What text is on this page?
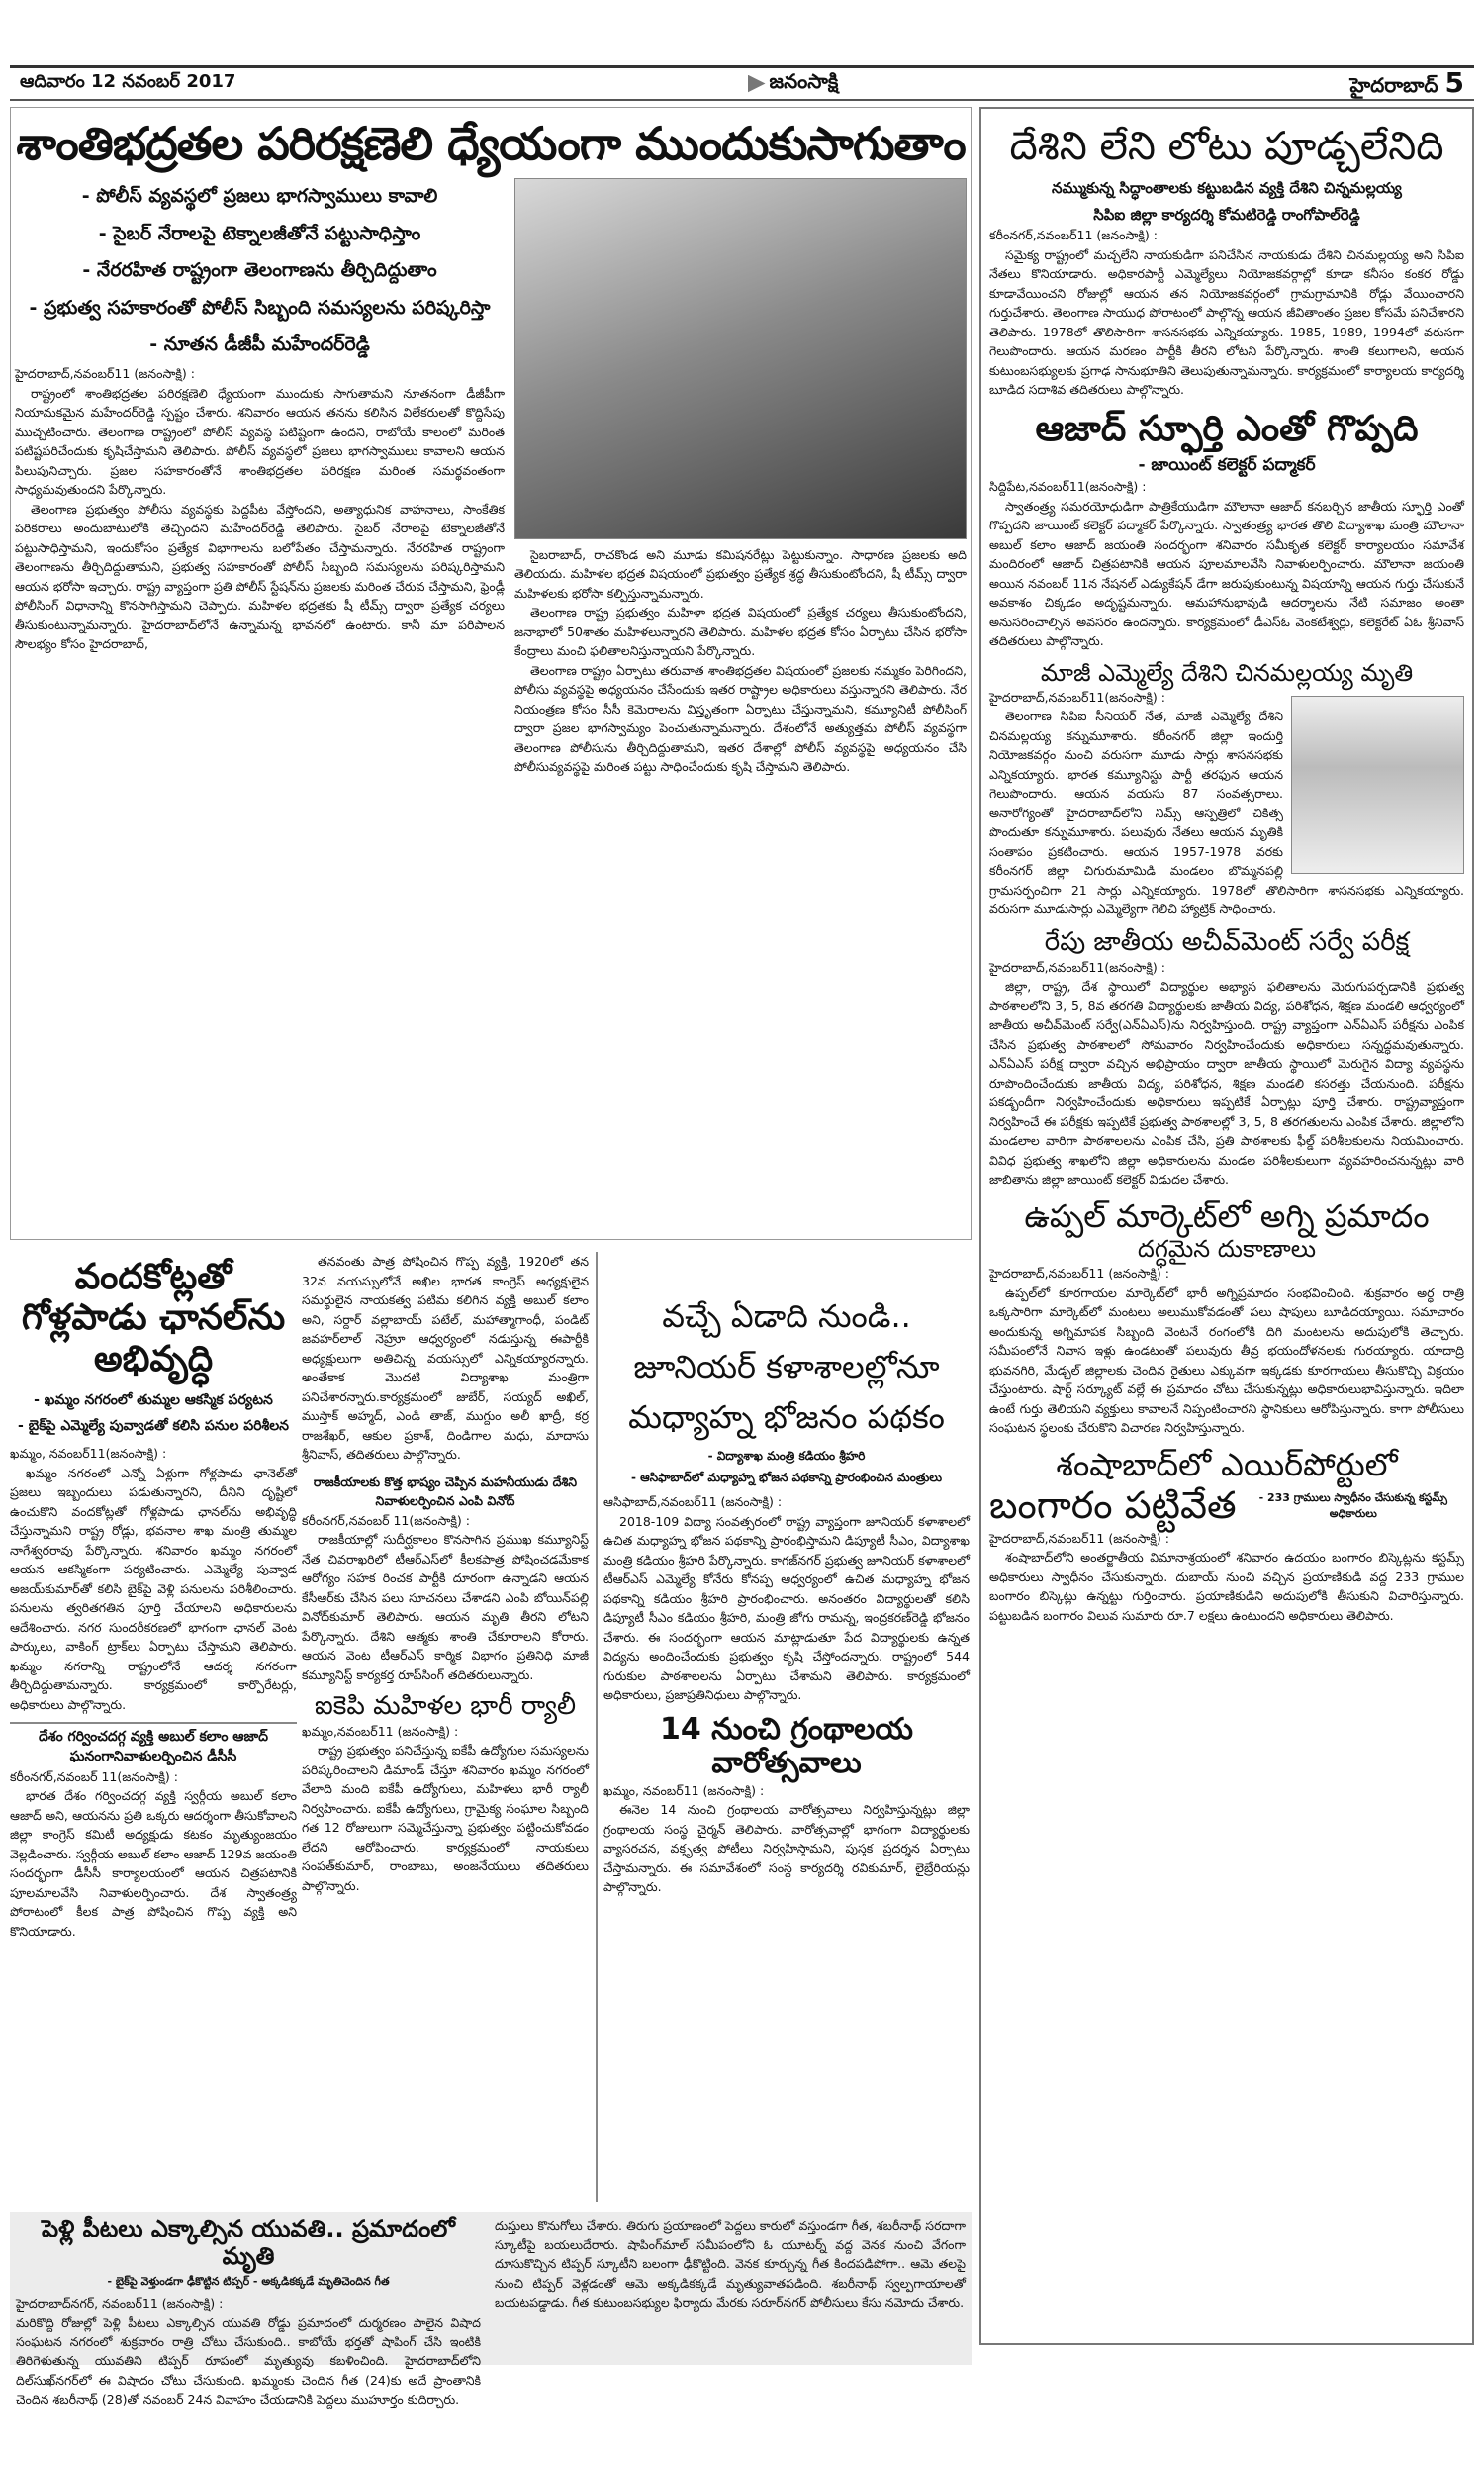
ఆదివారం 12 నవంబర్ 2017	జనంసాక్షి	హైదరాబాద్ 5
శాంతిభద్రతల పరిరక్షణెలి ధ్యేయంగా ముందుకుసాగుతాం
- పోలీస్ వ్యవస్థలో ప్రజలు భాగస్వాములు కావాలి
- సైబర్ నేరాలపై టెక్నాలజీతోనే పట్టుసాధిస్తాం
- నేరరహిత రాష్ట్రంగా తెలంగాణను తీర్చిదిద్దుతాం
- ప్రభుత్వ సహకారంతో పోలీస్ సిబ్బంది సమస్యలను పరిష్కరిస్తా
- నూతన డీజీపీ మహేందర్‌రెడ్డి

హైదరాబాద్,నవంబర్11 (జనంసాక్షి) :

రాష్ట్రంలో శాంతిభద్రతల పరిరక్షణెలి ధ్యేయంగా ముందుకు సాగుతామని నూతనంగా డీజీపీగా నియామకమైన మహేందర్‌రెడ్డి స్పష్టం చేశారు. శనివారం ఆయన తనను కలిసిన విలేకరులతో కొద్దిసేపు ముచ్చటించారు. తెలంగాణ రాష్ట్రంలో పోలీస్ వ్యవస్థ పటిష్టంగా ఉందని, రాబోయే కాలంలో మరింత పటిష్టపరిచేందుకు కృషిచేస్తామని తెలిపారు. పోలీస్ వ్యవస్థలో ప్రజలు భాగస్వాములు కావాలని ఆయన పిలుపునిచ్చారు. ప్రజల సహకారంతోనే శాంతిభద్రతల పరిరక్షణ మరింత సమర్థవంతంగా సాధ్యమవుతుందని పేర్కొన్నారు.

తెలంగాణ ప్రభుత్వం పోలీసు వ్యవస్థకు పెద్దపీట వేస్తోందని, అత్యాధునిక వాహనాలు, సాంకేతిక పరికరాలు అందుబాటులోకి తెచ్చిందని మహేందర్‌రెడ్డి తెలిపారు. సైబర్ నేరాలపై టెక్నాలజీతోనే పట్టుసాధిస్తామని, ఇందుకోసం ప్రత్యేక విభాగాలను బలోపేతం చేస్తామన్నారు. నేరరహిత రాష్ట్రంగా తెలంగాణను తీర్చిదిద్దుతామని, ప్రభుత్వ సహకారంతో పోలీస్ సిబ్బంది సమస్యలను పరిష్కరిస్తామని ఆయన భరోసా ఇచ్చారు. రాష్ట్ర వ్యాప్తంగా ప్రతి పోలీస్ స్టేషన్‌ను ప్రజలకు మరింత చేరువ చేస్తామని, ఫ్రెండ్లీ పోలీసింగ్ విధానాన్ని కొనసాగిస్తామని చెప్పారు. మహిళల భద్రతకు షీ టీమ్స్ ద్వారా ప్రత్యేక చర్యలు తీసుకుంటున్నామన్నారు. హైదరాబాద్‌లోనే ఉన్నామన్న భావనలో ఉంటారు. కానీ మా పరిపాలన సౌలభ్యం కోసం హైదరాబాద్,

సైబరాబాద్, రాచకొండ అని మూడు కమిషనరేట్లు పెట్టుకున్నాం. సాధారణ ప్రజలకు అది తెలియదు. మహిళల భద్రత విషయంలో ప్రభుత్వం ప్రత్యేక శ్రద్ధ తీసుకుంటోందని, షీ టీమ్స్ ద్వారా మహిళలకు భరోసా కల్పిస్తున్నామన్నారు.

తెలంగాణ రాష్ట్ర ప్రభుత్వం మహిళా భద్రత విషయంలో ప్రత్యేక చర్యలు తీసుకుంటోందని, జనాభాలో 50శాతం మహిళలున్నారని తెలిపారు. మహిళల భద్రత కోసం ఏర్పాటు చేసిన భరోసా కేంద్రాలు మంచి ఫలితాలనిస్తున్నాయని పేర్కొన్నారు.

తెలంగాణ రాష్ట్రం ఏర్పాటు తరువాత శాంతిభద్రతల విషయంలో ప్రజలకు నమ్మకం పెరిగిందని, పోలీసు వ్యవస్థపై అధ్యయనం చేసేందుకు ఇతర రాష్ట్రాల అధికారులు వస్తున్నారని తెలిపారు. నేర నియంత్రణ కోసం సీసీ కెమెరాలను విస్తృతంగా ఏర్పాటు చేస్తున్నామని, కమ్యూనిటీ పోలీసింగ్ ద్వారా ప్రజల భాగస్వామ్యం పెంచుతున్నామన్నారు. దేశంలోనే అత్యుత్తమ పోలీస్ వ్యవస్థగా తెలంగాణ పోలీసును తీర్చిదిద్దుతామని, ఇతర దేశాల్లో పోలీస్ వ్యవస్థపై అధ్యయనం చేసి పోలీసువ్యవస్థపై మరింత పట్టు సాధించేందుకు కృషి చేస్తామని తెలిపారు.

వందకోట్లతో గోళ్లపాడు ఛానల్‌ను అభివృద్ధి
- ఖమ్మం నగరంలో తుమ్మల ఆకస్మిక పర్యటన
- బైక్‌పై ఎమ్మెల్యే పువ్వాడతో కలిసి పనుల పరిశీలన

ఖమ్మం, నవంబర్11(జనంసాక్షి) :

ఖమ్మం నగరంలో ఎన్నో ఏళ్లుగా గోళ్లపాడు ఛానెల్‌తో ప్రజలు ఇబ్బందులు పడుతున్నారని, దీనిని దృష్టిలో ఉంచుకొని వందకోట్లతో గోళ్లపాడు ఛానల్‌ను అభివృద్ధి చేస్తున్నామని రాష్ట్ర రోడ్లు, భవనాల శాఖ మంత్రి తుమ్మల నాగేశ్వరరావు పేర్కొన్నారు. శనివారం ఖమ్మం నగరంలో ఆయన ఆకస్మికంగా పర్యటించారు. ఎమ్మెల్యే పువ్వాడ అజయ్‌కుమార్‌తో కలిసి బైక్‌పై వెళ్లి పనులను పరిశీలించారు. పనులను త్వరితగతిన పూర్తి చేయాలని అధికారులను ఆదేశించారు. నగర సుందరీకరణలో భాగంగా ఛానల్ వెంట పార్కులు, వాకింగ్ ట్రాక్‌లు ఏర్పాటు చేస్తామని తెలిపారు. ఖమ్మం నగరాన్ని రాష్ట్రంలోనే ఆదర్శ నగరంగా తీర్చిదిద్దుతామన్నారు. కార్యక్రమంలో కార్పొరేటర్లు, అధికారులు పాల్గొన్నారు.

దేశం గర్వించదగ్గ వ్యక్తి అబుల్ కలాం ఆజాద్ ఘనంగానివాళులర్పించిన డీసీసీ

కరీంనగర్,నవంబర్ 11(జనంసాక్షి) :

భారత దేశం గర్వించదగ్గ వ్యక్తి స్వర్గీయ అబుల్ కలాం ఆజాద్ అని, ఆయనను ప్రతి ఒక్కరు ఆదర్శంగా తీసుకోవాలని జిల్లా కాంగ్రెస్ కమిటీ అధ్యక్షుడు కటకం మృత్యుంజయం వెల్లడించారు. స్వర్గీయ అబుల్ కలాం ఆజాద్ 129వ జయంతి సందర్భంగా డీసీసీ కార్యాలయంలో ఆయన చిత్రపటానికి పూలమాలవేసి నివాళులర్పించారు. దేశ స్వాతంత్ర్య పోరాటంలో కీలక పాత్ర పోషించిన గొప్ప వ్యక్తి అని కొనియాడారు.

తనవంతు పాత్ర పోషించిన గొప్ప వ్యక్తి, 1920లో తన 32వ వయస్సులోనే అఖిల భారత కాంగ్రెస్ అధ్యక్షులైన సమర్థులైన నాయకత్వ పటిమ కలిగిన వ్యక్తి అబుల్ కలాం అని, సర్దార్ వల్లాబాయ్ పటేల్, మహాత్మాగాంధీ, పండిట్ జవహర్‌లాల్ నెహ్రూ ఆధ్వర్యంలో నడుస్తున్న ఈపార్టీకి అధ్యక్షులుగా అతిచిన్న వయస్సులో ఎన్నికయ్యారన్నారు. అంతేకాక మొదటి విద్యాశాఖ మంత్రిగా పనిచేశారన్నారు.కార్యక్రమంలో జుబేర్, సయ్యద్ అఖిల్, ముస్తాక్ అహ్మద్, ఎండి తాజ్, ముగ్దుం అలీ ఖాద్రీ, కర్ర రాజశేఖర్, ఆకుల ప్రకాశ్, దిండిగాల మధు, మాదాసు శ్రీనివాస్, తదితరులు పాల్గొన్నారు.

రాజకీయాలకు కొత్త భాష్యం చెప్పిన మహనీయుడు దేశిని

నివాళులర్పించిన ఎంపి వినోద్

కరీంనగర్,నవంబర్ 11(జనంసాక్షి) :

రాజకీయాల్లో సుదీర్ఘకాలం కొనసాగిన ప్రముఖ కమ్యూనిస్ట్ నేత చివరాఖరిలో టీఆర్‌ఎస్‌లో కీలకపాత్ర పోషించడమేకాక ఆరోగ్యం సహక రించక పార్టీకి దూరంగా ఉన్నాడని ఆయన కేసీఆర్‌కు చేసిన పలు సూచనలు చేశాడని ఎంపి బోయిన్‌పల్లి వినోద్‌కుమార్ తెలిపారు. ఆయన మృతి తీరని లోటని పేర్కొన్నారు. దేశిని ఆత్మకు శాంతి చేకూరాలని కోరారు. ఆయన వెంట టీఆర్‌ఎస్ కార్మిక విభాగం ప్రతినిధి మాజీ కమ్యూనిస్ట్ కార్యకర్త రూప్‌సింగ్ తదితరులున్నారు.

ఐకెపి మహిళల భారీ ర్యాలీ

ఖమ్మం,నవంబర్11 (జనంసాక్షి) :

రాష్ట్ర ప్రభుత్వం పనిచేస్తున్న ఐకేపీ ఉద్యోగుల సమస్యలను పరిష్కరించాలని డిమాండ్ చేస్తూ శనివారం ఖమ్మం నగరంలో వేలాది మంది ఐకేపీ ఉద్యోగులు, మహిళలు భారీ ర్యాలీ నిర్వహించారు. ఐకేపీ ఉద్యోగులు, గ్రామైక్య సంఘాల సిబ్బంది గత 12 రోజులుగా సమ్మెచేస్తున్నా ప్రభుత్వం పట్టించుకోవడం లేదని ఆరోపించారు. కార్యక్రమంలో నాయకులు సంపత్‌కుమార్, రాంబాబు, అంజనేయులు తదితరులు పాల్గొన్నారు.

వచ్చే ఏడాది నుండి.. జూనియర్ కళాశాలల్లోనూ మధ్యాహ్న భోజనం పథకం
- విద్యాశాఖ మంత్రి కడియం శ్రీహరి
- ఆసిఫాబాద్‌లో మధ్యాహ్న భోజన పథకాన్ని ప్రారంభించిన మంత్రులు

ఆసిఫాబాద్,నవంబర్11 (జనంసాక్షి) :

2018-109 విద్యా సంవత్సరంలో రాష్ట్ర వ్యాప్తంగా జూనియర్ కళాశాలలో ఉచిత మధ్యాహ్న భోజన పథకాన్ని ప్రారంభిస్తామని డిప్యూటీ సీఎం, విద్యాశాఖ మంత్రి కడియం శ్రీహరి పేర్కొన్నారు. కాగజ్‌నగర్ ప్రభుత్వ జూనియర్ కళాశాలలో టీఆర్‌ఎస్ ఎమ్మెల్యే కోనేరు కోనప్ప ఆధ్వర్యంలో ఉచిత మధ్యాహ్న భోజన పథకాన్ని కడియం శ్రీహరి ప్రారంభించారు. అనంతరం విద్యార్థులతో కలిసి డిప్యూటీ సీఎం కడియం శ్రీహరి, మంత్రి జోగు రామన్న, ఇంద్రకరణ్‌రెడ్డి భోజనం చేశారు. ఈ సందర్భంగా ఆయన మాట్లాడుతూ పేద విద్యార్థులకు ఉన్నత విద్యను అందించేందుకు ప్రభుత్వం కృషి చేస్తోందన్నారు. రాష్ట్రంలో 544 గురుకుల పాఠశాలలను ఏర్పాటు చేశామని తెలిపారు. కార్యక్రమంలో అధికారులు, ప్రజాప్రతినిధులు పాల్గొన్నారు.

14 నుంచి గ్రంథాలయ వారోత్సవాలు

ఖమ్మం, నవంబర్11 (జనంసాక్షి) :

ఈనెల 14 నుంచి గ్రంథాలయ వారోత్సవాలు నిర్వహిస్తున్నట్లు జిల్లా గ్రంథాలయ సంస్థ చైర్మన్ తెలిపారు. వారోత్సవాల్లో భాగంగా విద్యార్థులకు వ్యాసరచన, వక్తృత్వ పోటీలు నిర్వహిస్తామని, పుస్తక ప్రదర్శన ఏర్పాటు చేస్తామన్నారు. ఈ సమావేశంలో సంస్థ కార్యదర్శి రవికుమార్, లైబ్రేరియన్లు పాల్గొన్నారు.

పెళ్లి పీటలు ఎక్కాల్సిన యువతి.. ప్రమాదంలో మృతి
- బైక్‌పై వెళ్తుండగా ఢీకొట్టిన టిప్పర్ - అక్కడికక్కడే మృతిచెందిన గీత

హైదరాబాద్‌నగర్, నవంబర్11 (జనంసాక్షి) :

మరికొద్ది రోజుల్లో పెళ్లి పీటలు ఎక్కాల్సిన యువతి రోడ్డు ప్రమాదంలో దుర్మరణం పాలైన విషాద సంఘటన నగరంలో శుక్రవారం రాత్రి చోటు చేసుకుంది.. కాబోయే భర్తతో షాపింగ్ చేసి ఇంటికి తిరిగెళుతున్న యువతిని టిప్పర్ రూపంలో మృత్యువు కబళించింది. హైదరాబాద్‌లోని దిల్‌సుఖ్‌నగర్‌లో ఈ విషాదం చోటు చేసుకుంది. ఖమ్మంకు చెందిన గీత (24)కు అదే ప్రాంతానికి చెందిన శబరీనాథ్ (28)తో నవంబర్ 24న వివాహం చేయడానికి పెద్దలు ముహూర్తం కుదిర్చారు.

దుస్తులు కొనుగోలు చేశారు. తిరుగు ప్రయాణంలో పెద్దలు కారులో వస్తుండగా గీత, శబరీనాథ్ సరదాగా స్కూటీపై బయలుదేరారు. షాపింగ్‌మాల్ సమీపంలోని ఓ యూటర్న్ వద్ద వెనక నుంచి వేగంగా దూసుకొచ్చిన టిప్పర్ స్కూటీని బలంగా ఢీకొట్టింది. వెనక కూర్చున్న గీత కిందపడిపోగా.. ఆమె తలపై నుంచి టిప్పర్ వెళ్లడంతో ఆమె అక్కడికక్కడే మృత్యువాతపడింది. శబరీనాథ్ స్వల్పగాయాలతో బయటపడ్డాడు. గీత కుటుంబసభ్యుల ఫిర్యాదు మేరకు సరూర్‌నగర్ పోలీసులు కేసు నమోదు చేశారు.

దేశిని లేని లోటు పూడ్చలేనిది
నమ్ముకున్న సిద్ధాంతాలకు కట్టుబడిన వ్యక్తి దేశిని చిన్నమల్లయ్య
సిపిఐ జిల్లా కార్యదర్శి కోమటిరెడ్డి రాంగోపాల్‌రెడ్డి

కరీంనగర్,నవంబర్11 (జనంసాక్షి) :

సమైక్య రాష్ట్రంలో మచ్చలేని నాయకుడిగా పనిచేసిన నాయకుడు దేశిని చినమల్లయ్య అని సిపిఐ నేతలు కొనియాడారు. అధికారపార్టీ ఎమ్మెల్యేలు నియోజకవర్గాల్లో కూడా కనీసం కంకర రోడ్డు కూడావేయించని రోజుల్లో ఆయన తన నియోజకవర్గంలో గ్రామగ్రామానికి రోడ్లు వేయించారని గుర్తుచేశారు. తెలంగాణ సాయుధ పోరాటంలో పాల్గొన్న ఆయన జీవితాంతం ప్రజల కోసమే పనిచేశారని తెలిపారు. 1978లో తొలిసారిగా శాసనసభకు ఎన్నికయ్యారు. 1985, 1989, 1994లో వరుసగా గెలుపొందారు. ఆయన మరణం పార్టీకి తీరని లోటని పేర్కొన్నారు. శాంతి కలుగాలని, అయన కుటుంబసభ్యులకు ప్రగాఢ సానుభూతిని తెలుపుతున్నామన్నారు. కార్యక్రమంలో కార్యాలయ కార్యదర్శి బూడిద సదాశివ తదితరులు పాల్గొన్నారు.

ఆజాద్ స్ఫూర్తి ఎంతో గొప్పది
- జాయింట్ కలెక్టర్ పద్మాకర్

సిద్దిపేట,నవంబర్11(జనంసాక్షి) :

స్వాతంత్ర్య సమరయోధుడిగా పాత్రికేయుడిగా మౌలానా ఆజాద్ కనబర్చిన జాతీయ స్ఫూర్తి ఎంతో గొప్పదని జాయింట్ కలెక్టర్ పద్మాకర్ పేర్కొన్నారు. స్వాతంత్ర్య భారత తొలి విద్యాశాఖ మంత్రి మౌలానా అబుల్ కలాం ఆజాద్ జయంతి సందర్భంగా శనివారం సమీకృత కలెక్టర్ కార్యాలయం సమావేశ మందిరంలో ఆజాద్ చిత్రపటానికి ఆయన పూలమాలవేసి నివాళులర్పించారు. మౌలానా జయంతి అయిన నవంబర్ 11న నేషనల్ ఎడ్యుకేషన్ డేగా జరుపుకుంటున్న విషయాన్ని ఆయన గుర్తు చేసుకునే అవకాశం చిక్కడం అదృష్టమన్నారు. ఆమహానుభావుడి ఆదర్శాలను నేటి సమాజం అంతా అనుసరించాల్సిన అవసరం ఉందన్నారు. కార్యక్రమంలో డీఎస్ఓ వెంకటేశ్వర్లు, కలెక్టరేట్ ఏఓ శ్రీనివాస్ తదితరులు పాల్గొన్నారు.

మాజీ ఎమ్మెల్యే దేశిని చినమల్లయ్య మృతి

హైదరాబాద్,నవంబర్11(జనంసాక్షి) :

తెలంగాణ సిపిఐ సీనియర్ నేత, మాజీ ఎమ్మెల్యే దేశిని చినమల్లయ్య కన్నుమూశారు. కరీంనగర్ జిల్లా ఇందుర్తి నియోజకవర్గం నుంచి వరుసగా మూడు సార్లు శాసనసభకు ఎన్నికయ్యారు. భారత కమ్యూనిస్టు పార్టీ తరఫున ఆయన గెలుపొందారు. ఆయన వయసు 87 సంవత్సరాలు. అనారోగ్యంతో హైదరాబాద్‌లోని నిమ్స్ ఆస్పత్రిలో చికిత్స పొందుతూ కన్నుమూశారు. పలువురు నేతలు ఆయన మృతికి సంతాపం ప్రకటించారు. ఆయన 1957-1978 వరకు కరీంనగర్ జిల్లా చిగురుమామిడి మండలం బొమ్మనపల్లి గ్రామసర్పంచిగా 21 సార్లు ఎన్నికయ్యారు. 1978లో తొలిసారిగా శాసనసభకు ఎన్నికయ్యారు. వరుసగా మూడుసార్లు ఎమ్మెల్యేగా గెలిచి హ్యాట్రిక్ సాధించారు.

రేపు జాతీయ అచీవ్‌మెంట్ సర్వే పరీక్ష

హైదరాబాద్,నవంబర్11(జనంసాక్షి) :

జిల్లా, రాష్ట్ర, దేశ స్థాయిలో విద్యార్థుల అభ్యాస ఫలితాలను మెరుగుపర్చడానికి ప్రభుత్వ పాఠశాలలోని 3, 5, 8వ తరగతి విద్యార్థులకు జాతీయ విద్య, పరిశోధన, శిక్షణ మండలి ఆధ్వర్యంలో జాతీయ అచీవ్‌మెంట్ సర్వే(ఎన్‌ఏఎస్)ను నిర్వహిస్తుంది. రాష్ట్ర వ్యాప్తంగా ఎన్‌ఏఎస్ పరీక్షను ఎంపిక చేసిన ప్రభుత్వ పాఠశాలలో సోమవారం నిర్వహించేందుకు అధికారులు సన్నద్ధమవుతున్నారు. ఎన్‌ఏఎస్ పరీక్ష ద్వారా వచ్చిన అభిప్రాయం ద్వారా జాతీయ స్థాయిలో మెరుగైన విద్యా వ్యవస్థను రూపొందించేందుకు జాతీయ విద్య, పరిశోధన, శిక్షణ మండలి కసరత్తు చేయనుంది. పరీక్షను పకడ్బందీగా నిర్వహించేందుకు అధికారులు ఇప్పటికే ఏర్పాట్లు పూర్తి చేశారు. రాష్ట్రవ్యాప్తంగా నిర్వహించే ఈ పరీక్షకు ఇప్పటికే ప్రభుత్వ పాఠశాలల్లో 3, 5, 8 తరగతులను ఎంపిక చేశారు. జిల్లాలోని మండలాల వారిగా పాఠశాలలను ఎంపిక చేసి, ప్రతి పాఠశాలకు ఫీల్డ్ పరిశీలకులను నియమించారు. వివిధ ప్రభుత్వ శాఖలోని జిల్లా అధికారులను మండల పరిశీలకులుగా వ్యవహరించనున్నట్లు వారి జాబితాను జిల్లా జాయింట్ కలెక్టర్ విడుదల చేశారు.

ఉప్పల్ మార్కెట్‌లో అగ్ని ప్రమాదం
దగ్ధమైన దుకాణాలు

హైదరాబాద్,నవంబర్11 (జనంసాక్షి) :

ఉప్పల్‌లో కూరగాయల మార్కెట్‌లో భారీ అగ్నిప్రమాదం సంభవించింది. శుక్రవారం అర్ధ రాత్రి ఒక్కసారిగా మార్కెట్‌లో మంటలు అలుముకోవడంతో పలు షాపులు బూడిదయ్యాయి. సమాచారం అందుకున్న అగ్నిమాపక సిబ్బంది వెంటనే రంగంలోకి దిగి మంటలను అదుపులోకి తెచ్చారు. సమీపంలోనే నివాస ఇళ్లు ఉండటంతో పలువురు తీవ్ర భయందోళనలకు గురయ్యారు. యాదాద్రి భువనగిరి, మేడ్చల్ జిల్లాలకు చెందిన రైతులు ఎక్కువగా ఇక్కడకు కూరగాయలు తీసుకొచ్చి విక్రయం చేస్తుంటారు. షార్ట్ సర్క్యూట్ వల్లే ఈ ప్రమాదం చోటు చేసుకున్నట్లు అధికారులుభావిస్తున్నారు. ఇదిలా ఉంటే గుర్తు తెలియని వ్యక్తులు కావాలనే నిప్పంటించారని స్థానికులు ఆరోపిస్తున్నారు. కాగా పోలీసులు సంఘటన స్థలంకు చేరుకొని విచారణ నిర్వహిస్తున్నారు.

శంషాబాద్‌లో ఎయిర్‌పోర్టులో
బంగారం పట్టివేత	- 233 గ్రాములు స్వాధీనం చేసుకున్న కస్టమ్స్ అధికారులు

హైదరాబాద్,నవంబర్11 (జనంసాక్షి) :

శంషాబాద్‌లోని అంతర్జాతీయ విమానాశ్రయంలో శనివారం ఉదయం బంగారం బిస్కెట్లను కస్టమ్స్ అధికారులు స్వాధీనం చేసుకున్నారు. దుబాయ్ నుంచి వచ్చిన ప్రయాణికుడి వద్ద 233 గ్రాముల బంగారం బిస్కెట్లు ఉన్నట్టు గుర్తించారు. ప్రయాణికుడిని అదుపులోకి తీసుకుని విచారిస్తున్నారు. పట్టుబడిన బంగారం విలువ సుమారు రూ.7 లక్షలు ఉంటుందని అధికారులు తెలిపారు.
